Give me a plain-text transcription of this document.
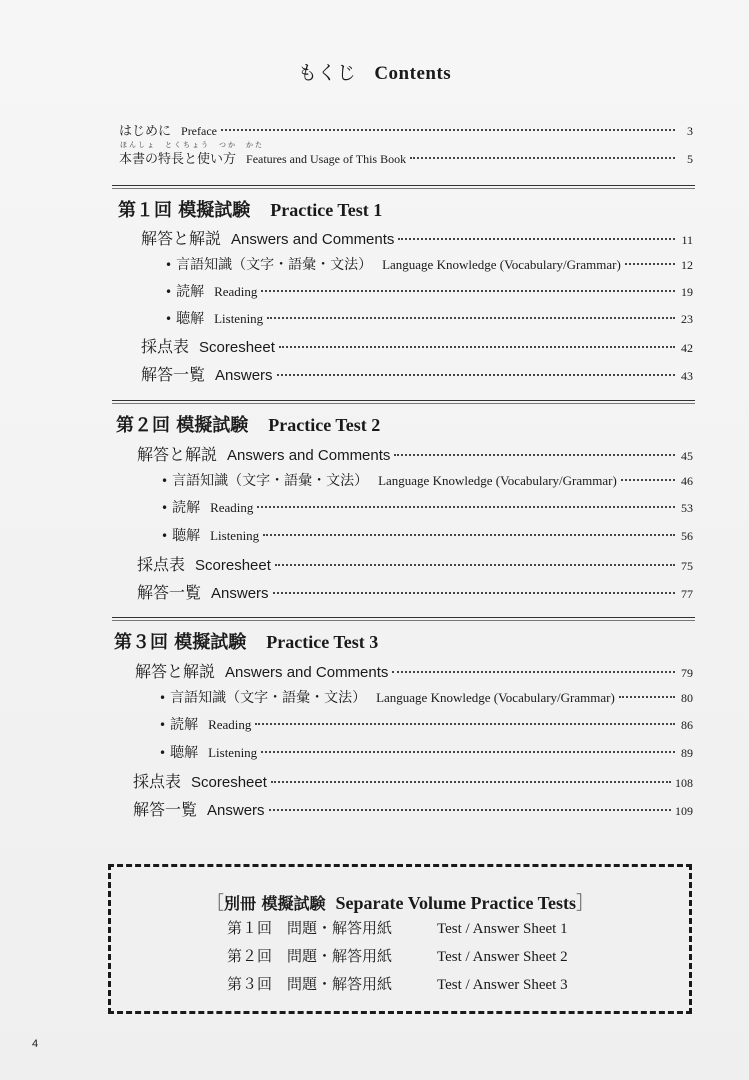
もくじ Contents
はじめに Preface	3
ほんしょ　とくちょう　つか　かた
本書の特長と使い方 Features and Usage of This Book	5
第１回 模擬試験 Practice Test 1
解答と解説 Answers and Comments	11
• 言語知識（文字・語彙・文法） Language Knowledge (Vocabulary/Grammar)	12
• 読解 Reading	19
• 聴解 Listening	23
採点表 Scoresheet	42
解答一覧 Answers	43
第２回 模擬試験 Practice Test 2
解答と解説 Answers and Comments	45
• 言語知識（文字・語彙・文法） Language Knowledge (Vocabulary/Grammar)	46
• 読解 Reading	53
• 聴解 Listening	56
採点表 Scoresheet	75
解答一覧 Answers	77
第３回 模擬試験 Practice Test 3
解答と解説 Answers and Comments	79
• 言語知識（文字・語彙・文法） Language Knowledge (Vocabulary/Grammar)	80
• 読解 Reading	86
• 聴解 Listening	89
採点表 Scoresheet	108
解答一覧 Answers	109
［別冊 模擬試験 Separate Volume Practice Tests］
第１回　問題・解答用紙	Test / Answer Sheet 1
第２回　問題・解答用紙	Test / Answer Sheet 2
第３回　問題・解答用紙	Test / Answer Sheet 3
4
